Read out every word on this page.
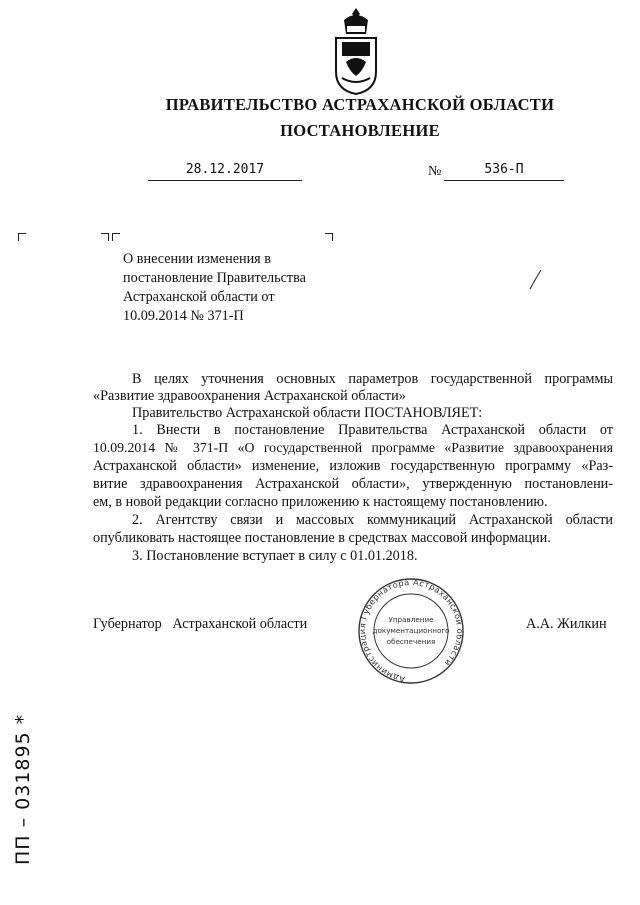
ПРАВИТЕЛЬСТВО АСТРАХАНСКОЙ ОБЛАСТИ
ПОСТАНОВЛЕНИЕ
28.12.2017	№	536-П
О внесении изменения в
постановление Правительства
Астраханской области от
10.09.2014 № 371-П
В целях уточнения основных параметров государственной программы
«Развитие здравоохранения Астраханской области»
Правительство Астраханской области ПОСТАНОВЛЯЕТ:
1. Внести в постановление Правительства Астраханской области от
10.09.2014 № 371-П «О государственной программе «Развитие здравоохранения
Астраханской области» изменение, изложив государственную программу «Раз-
витие здравоохранения Астраханской области», утвержденную постановлени-
ем, в новой редакции согласно приложению к настоящему постановлению.
2. Агентству связи и массовых коммуникаций Астраханской области
опубликовать настоящее постановление в средствах массовой информации.
3. Постановление вступает в силу с 01.01.2018.
Губернатор   Астраханской области	А.А. Жилкин
Администрация Губернатора Астраханской области
Управление
документационного
обеспечения
ПП – 031895 *
